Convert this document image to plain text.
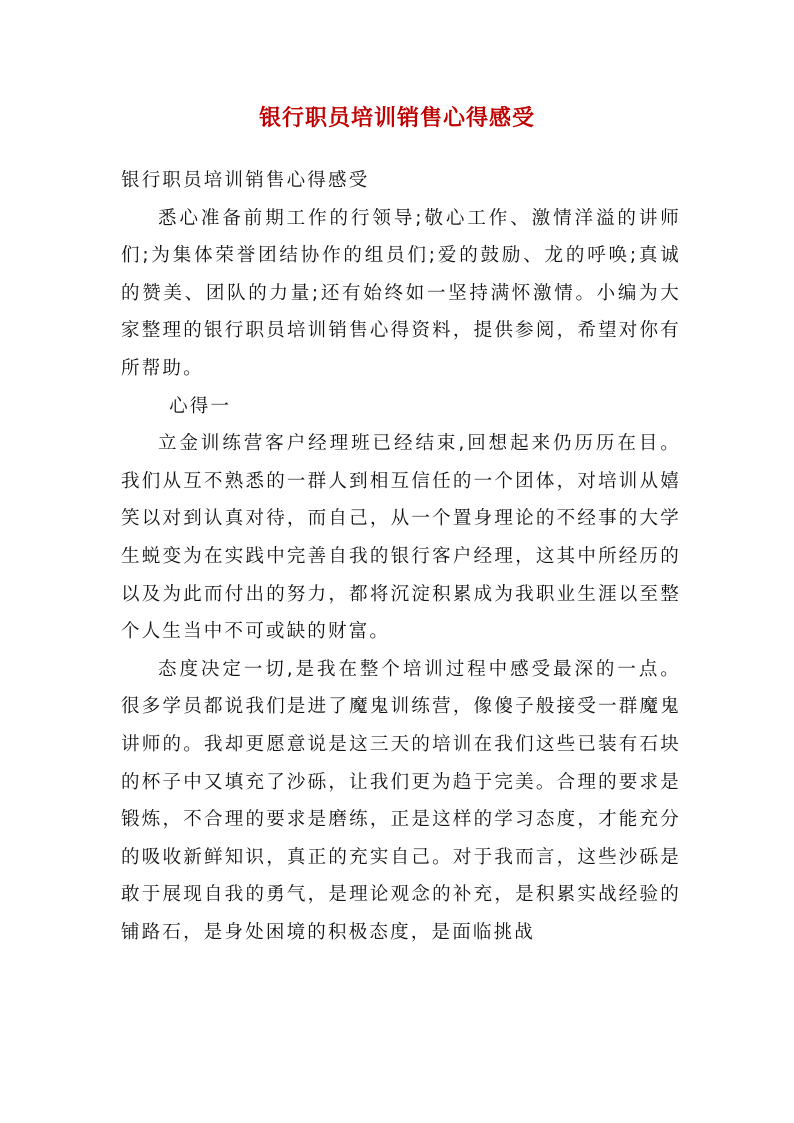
银行职员培训销售心得感受

银行职员培训销售心得感受

悉心准备前期工作的行领导;敬心工作、激情洋溢的讲师们;为集体荣誉团结协作的组员们;爱的鼓励、龙的呼唤;真诚的赞美、团队的力量;还有始终如一坚持满怀激情。小编为大家整理的银行职员培训销售心得资料，提供参阅，希望对你有所帮助。

心得一

立金训练营客户经理班已经结束,回想起来仍历历在目。我们从互不熟悉的一群人到相互信任的一个团体，对培训从嬉笑以对到认真对待，而自己，从一个置身理论的不经事的大学生蜕变为在实践中完善自我的银行客户经理，这其中所经历的以及为此而付出的努力，都将沉淀积累成为我职业生涯以至整个人生当中不可或缺的财富。

态度决定一切,是我在整个培训过程中感受最深的一点。很多学员都说我们是进了魔鬼训练营，像傻子般接受一群魔鬼讲师的。我却更愿意说是这三天的培训在我们这些已装有石块的杯子中又填充了沙砾，让我们更为趋于完美。合理的要求是锻炼，不合理的要求是磨练，正是这样的学习态度，才能充分的吸收新鲜知识，真正的充实自己。对于我而言，这些沙砾是敢于展现自我的勇气，是理论观念的补充，是积累实战经验的铺路石，是身处困境的积极态度，是面临挑战
